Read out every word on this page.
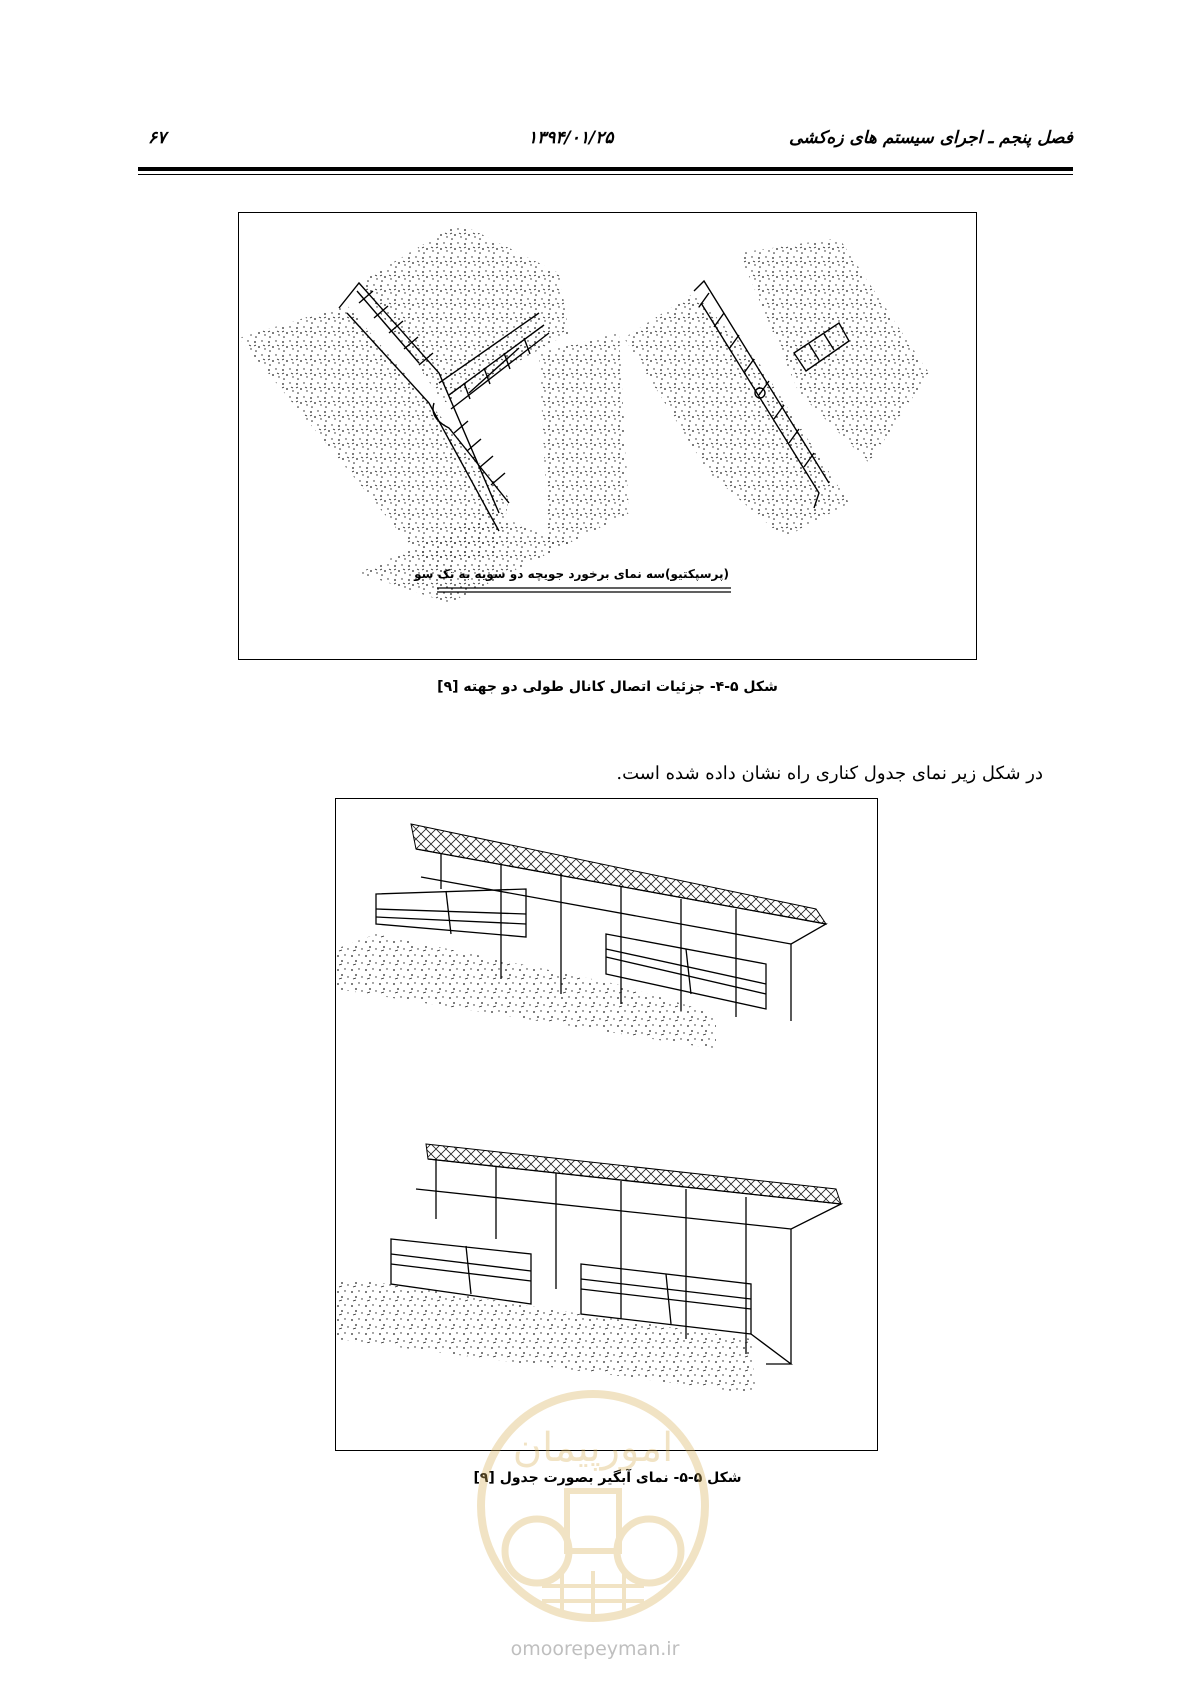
فصل پنجم ـ اجرای سیستم های زه‌کشی
۱۳۹۴/۰۱/۲۵
۶۷
(پرسپکتیو)سه نمای برخورد جویچه دو سویه به تک سو
شکل ۵-۴- جزئیات اتصال کانال طولی دو جهته [۹]
در شکل زیر نمای جدول کناری راه نشان داده شده است.
شکل ۵-۵- نمای آبگیر بصورت جدول [۹]
امورپیمان
omoorepeyman.ir
